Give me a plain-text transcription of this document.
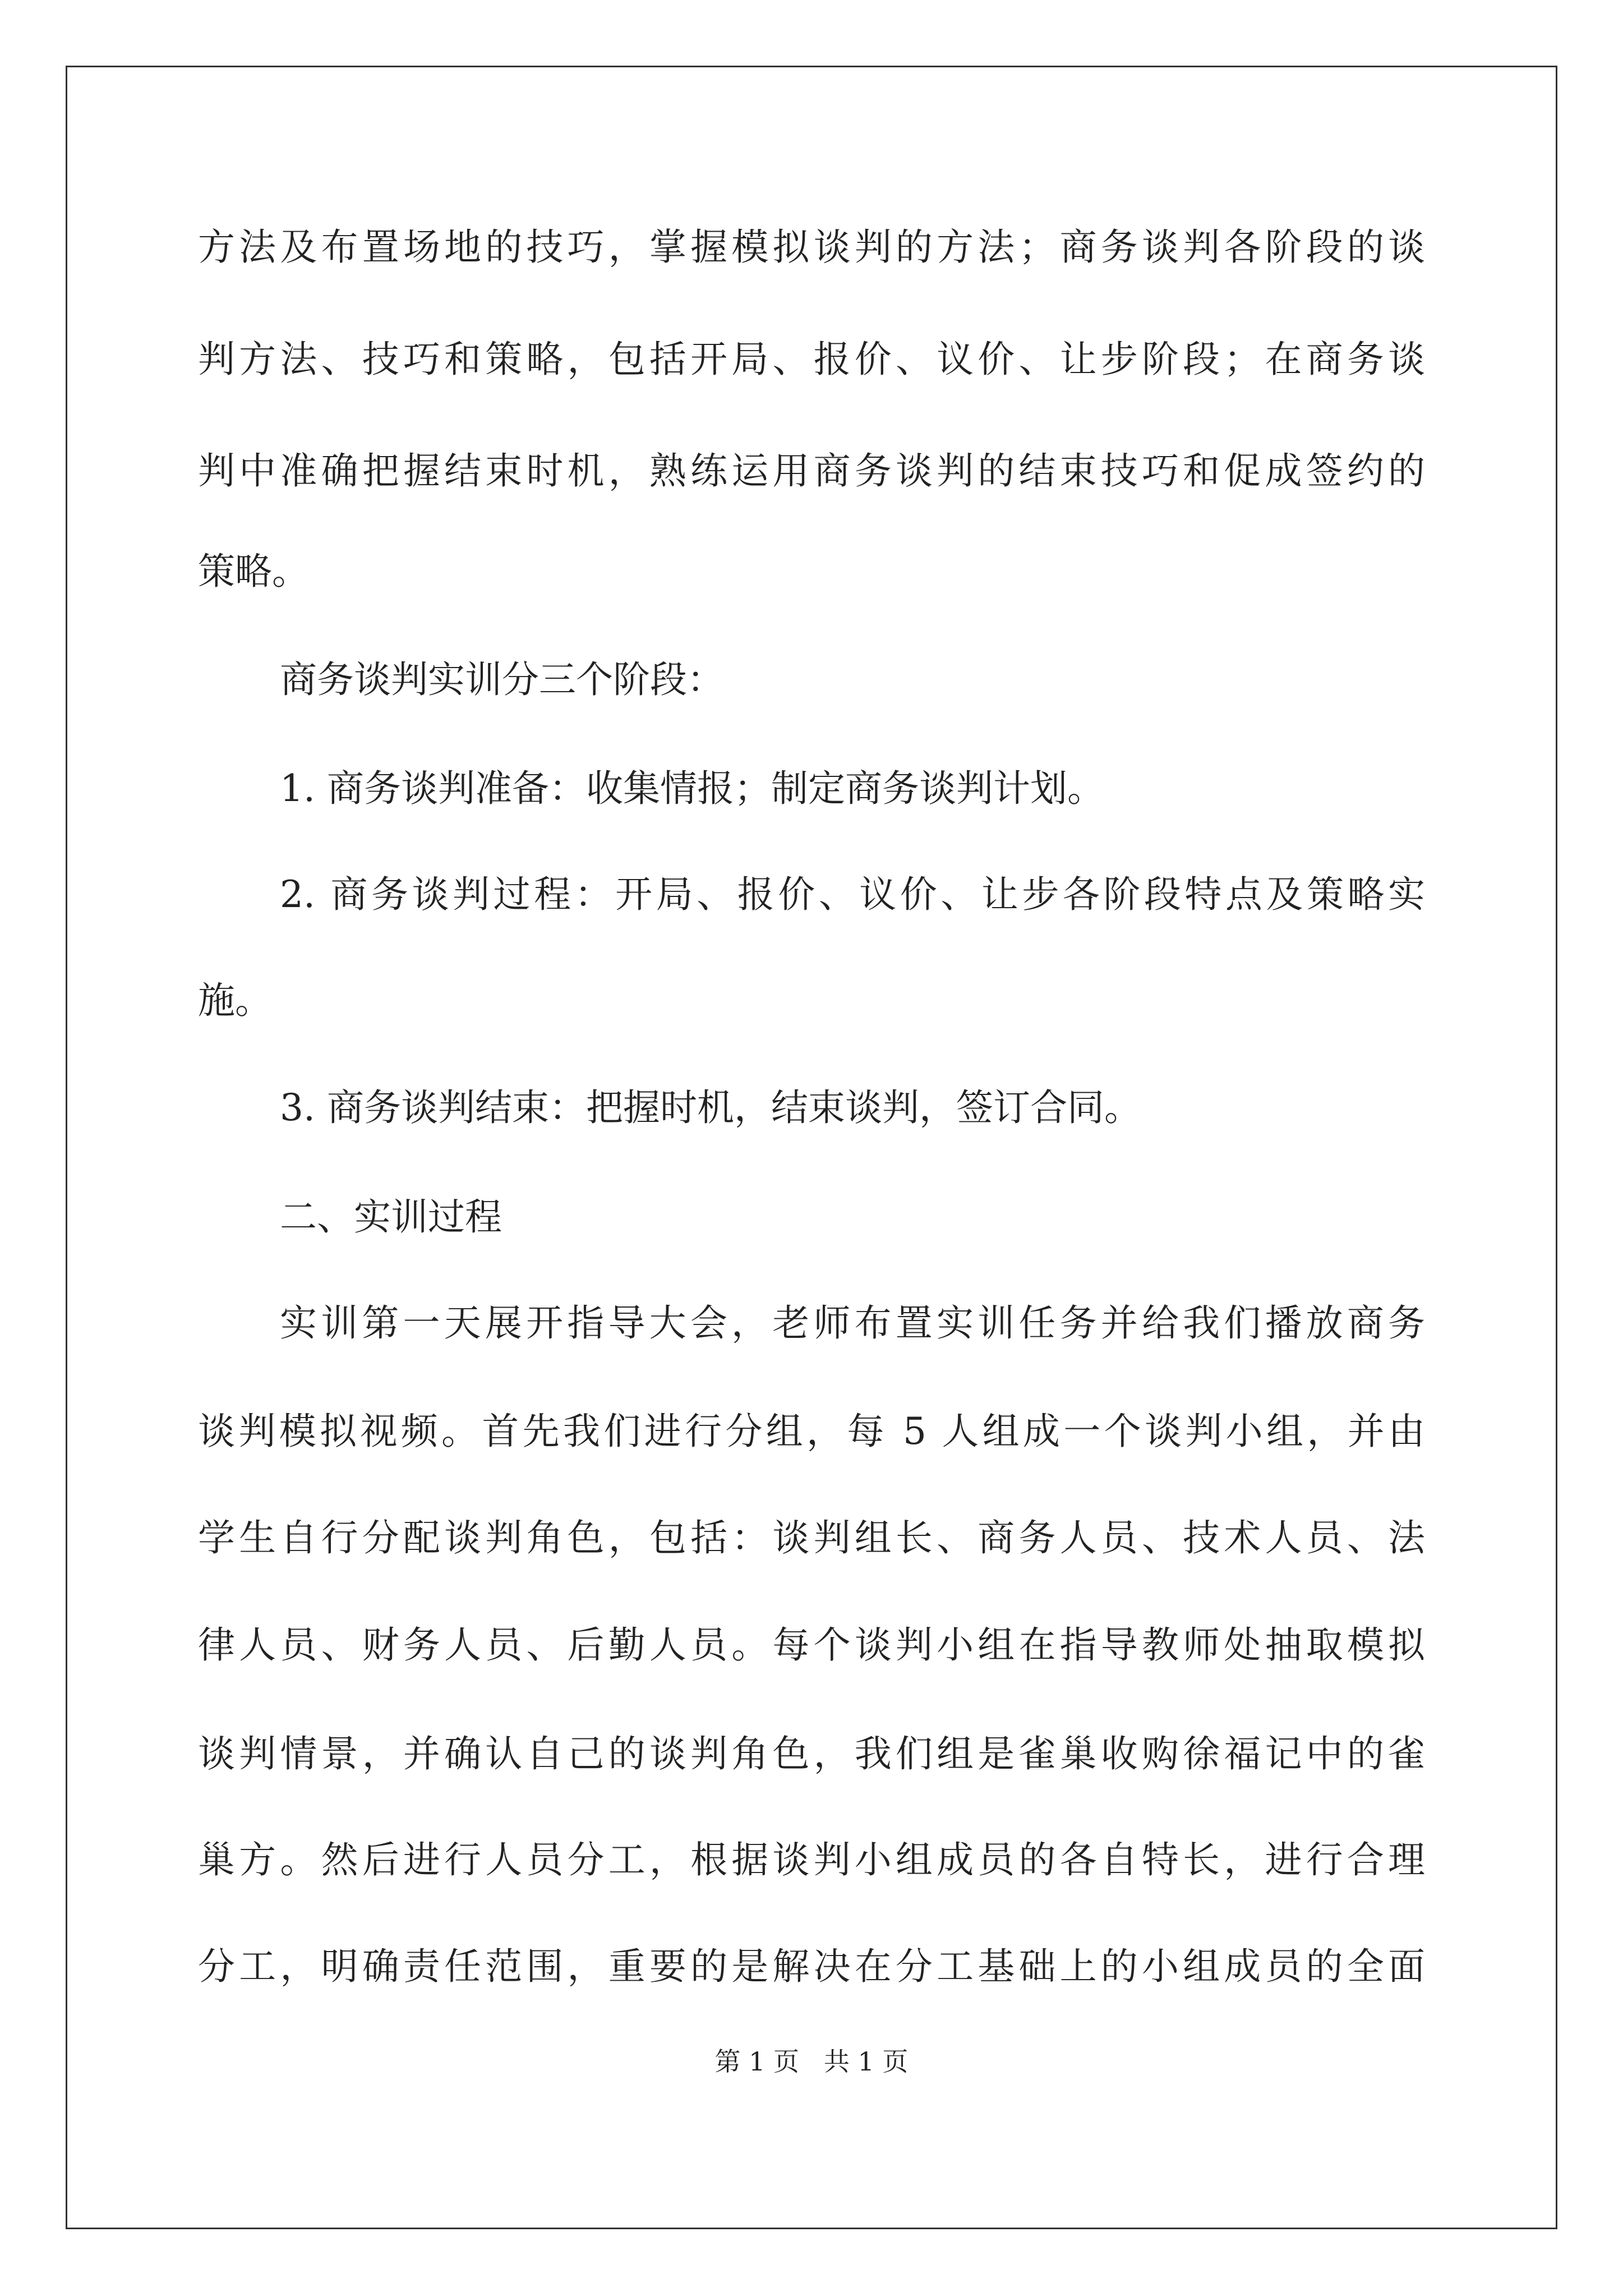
方法及布置场地的技巧，掌握模拟谈判的方法；商务谈判各阶段的谈

判方法、技巧和策略，包括开局、报价、议价、让步阶段；在商务谈

判中准确把握结束时机，熟练运用商务谈判的结束技巧和促成签约的

策略。

商务谈判实训分三个阶段：

1. 商务谈判准备：收集情报；制定商务谈判计划。

2. 商务谈判过程：开局、报价、议价、让步各阶段特点及策略实

施。

3. 商务谈判结束：把握时机，结束谈判，签订合同。

二、实训过程

实训第一天展开指导大会，老师布置实训任务并给我们播放商务

谈判模拟视频。首先我们进行分组，每 5 人组成一个谈判小组，并由

学生自行分配谈判角色，包括：谈判组长、商务人员、技术人员、法

律人员、财务人员、后勤人员。每个谈判小组在指导教师处抽取模拟

谈判情景，并确认自己的谈判角色，我们组是雀巢收购徐福记中的雀

巢方。然后进行人员分工，根据谈判小组成员的各自特长，进行合理

分工，明确责任范围，重要的是解决在分工基础上的小组成员的全面

第 1 页   共 1 页
